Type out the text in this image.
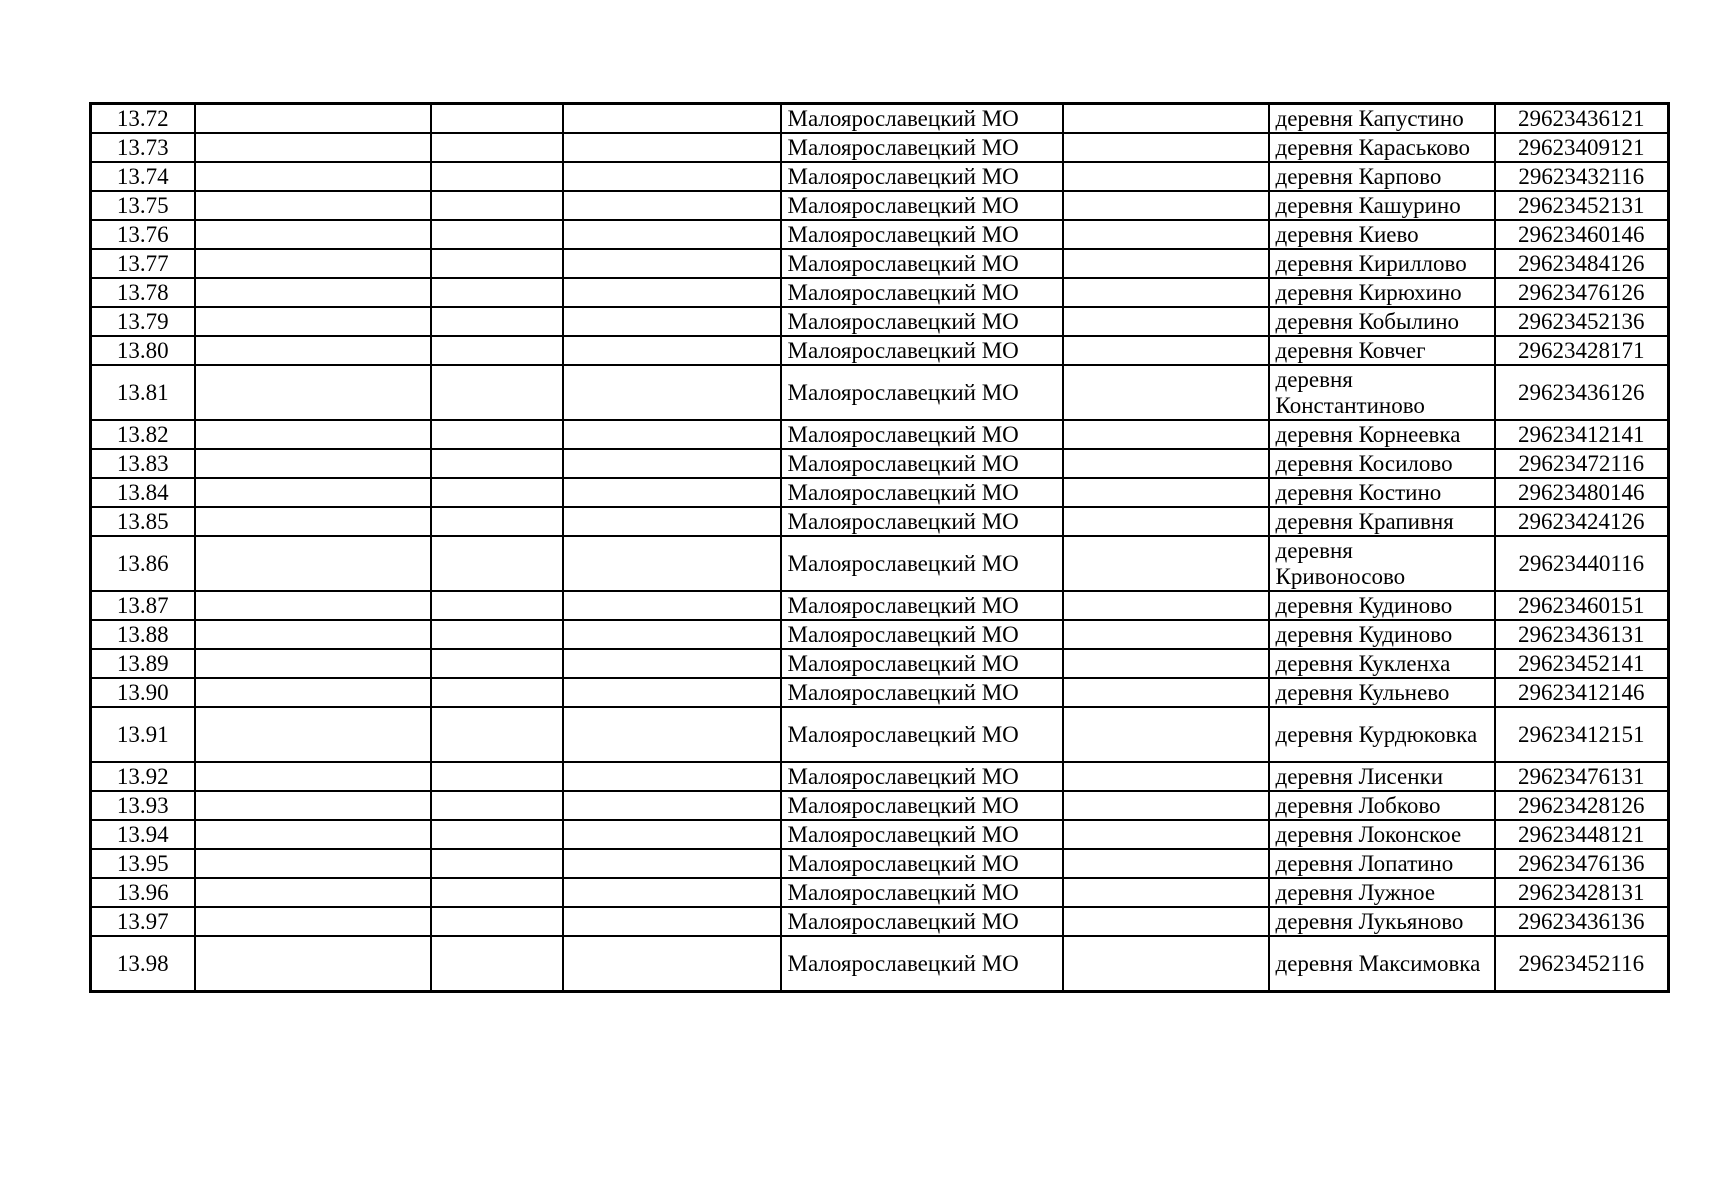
13.72				Малоярославецкий МО		деревня Капустино	29623436121
13.73				Малоярославецкий МО		деревня Караськово	29623409121
13.74				Малоярославецкий МО		деревня Карпово	29623432116
13.75				Малоярославецкий МО		деревня Кашурино	29623452131
13.76				Малоярославецкий МО		деревня Киево	29623460146
13.77				Малоярославецкий МО		деревня Кириллово	29623484126
13.78				Малоярославецкий МО		деревня Кирюхино	29623476126
13.79				Малоярославецкий МО		деревня Кобылино	29623452136
13.80				Малоярославецкий МО		деревня Ковчег	29623428171
13.81				Малоярославецкий МО		деревня Константиново	29623436126
13.82				Малоярославецкий МО		деревня Корнеевка	29623412141
13.83				Малоярославецкий МО		деревня Косилово	29623472116
13.84				Малоярославецкий МО		деревня Костино	29623480146
13.85				Малоярославецкий МО		деревня Крапивня	29623424126
13.86				Малоярославецкий МО		деревня Кривоносово	29623440116
13.87				Малоярославецкий МО		деревня Кудиново	29623460151
13.88				Малоярославецкий МО		деревня Кудиново	29623436131
13.89				Малоярославецкий МО		деревня Кукленха	29623452141
13.90				Малоярославецкий МО		деревня Кульнево	29623412146
13.91				Малоярославецкий МО		деревня Курдюковка	29623412151
13.92				Малоярославецкий МО		деревня Лисенки	29623476131
13.93				Малоярославецкий МО		деревня Лобково	29623428126
13.94				Малоярославецкий МО		деревня Локонское	29623448121
13.95				Малоярославецкий МО		деревня Лопатино	29623476136
13.96				Малоярославецкий МО		деревня Лужное	29623428131
13.97				Малоярославецкий МО		деревня Лукьяново	29623436136
13.98				Малоярославецкий МО		деревня Максимовка	29623452116
